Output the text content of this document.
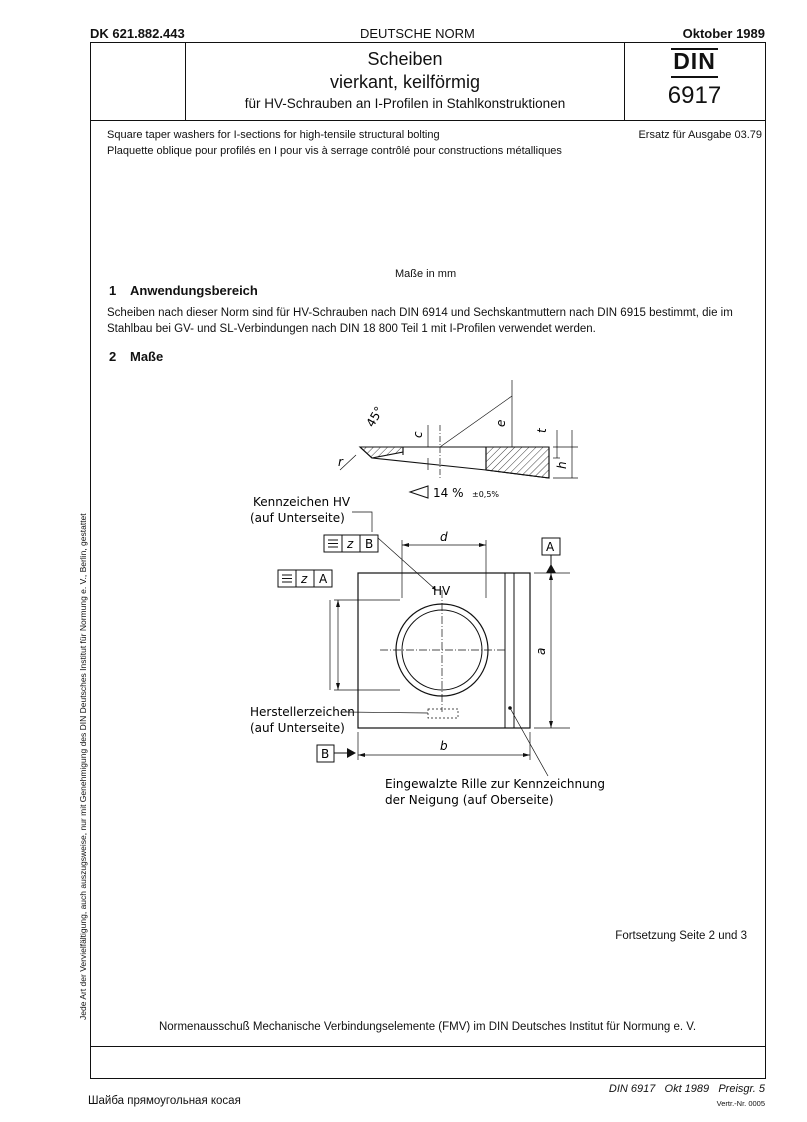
DK 621.882.443	DEUTSCHE NORM	Oktober 1989
Scheiben
vierkant, keilförmig
für HV-Schrauben an I-Profilen in Stahlkonstruktionen
DIN
6917
Square taper washers for I-sections for high-tensile structural bolting
Plaquette oblique pour profilés en I pour vis à serrage contrôlé pour constructions métalliques
Ersatz für Ausgabe 03.79
Maße in mm
1 Anwendungsbereich
Scheiben nach dieser Norm sind für HV-Schrauben nach DIN 6914 und Sechskantmuttern nach DIN 6915 bestimmt, die im Stahlbau bei GV- und SL-Verbindungen nach DIN 18 800 Teil 1 mit I-Profilen verwendet werden.
2 Maße
45°
c
e
t
h
r
14 % ±0,5%
Kennzeichen HV
(auf Unterseite)
z B
z A
A
d
HV
a
b
B
Herstellerzeichen
(auf Unterseite)
Eingewalzte Rille zur Kennzeichnung
der Neigung (auf Oberseite)
Fortsetzung Seite 2 und 3
Normenausschuß Mechanische Verbindungselemente (FMV) im DIN Deutsches Institut für Normung e. V.
Jede Art der Vervielfältigung, auch auszugsweise, nur mit Genehmigung des DIN Deutsches Institut für Normung e. V., Berlin, gestattet
Шайба прямоугольная косая
DIN 6917   Okt 1989   Preisgr. 5
Vertr.-Nr. 0005
